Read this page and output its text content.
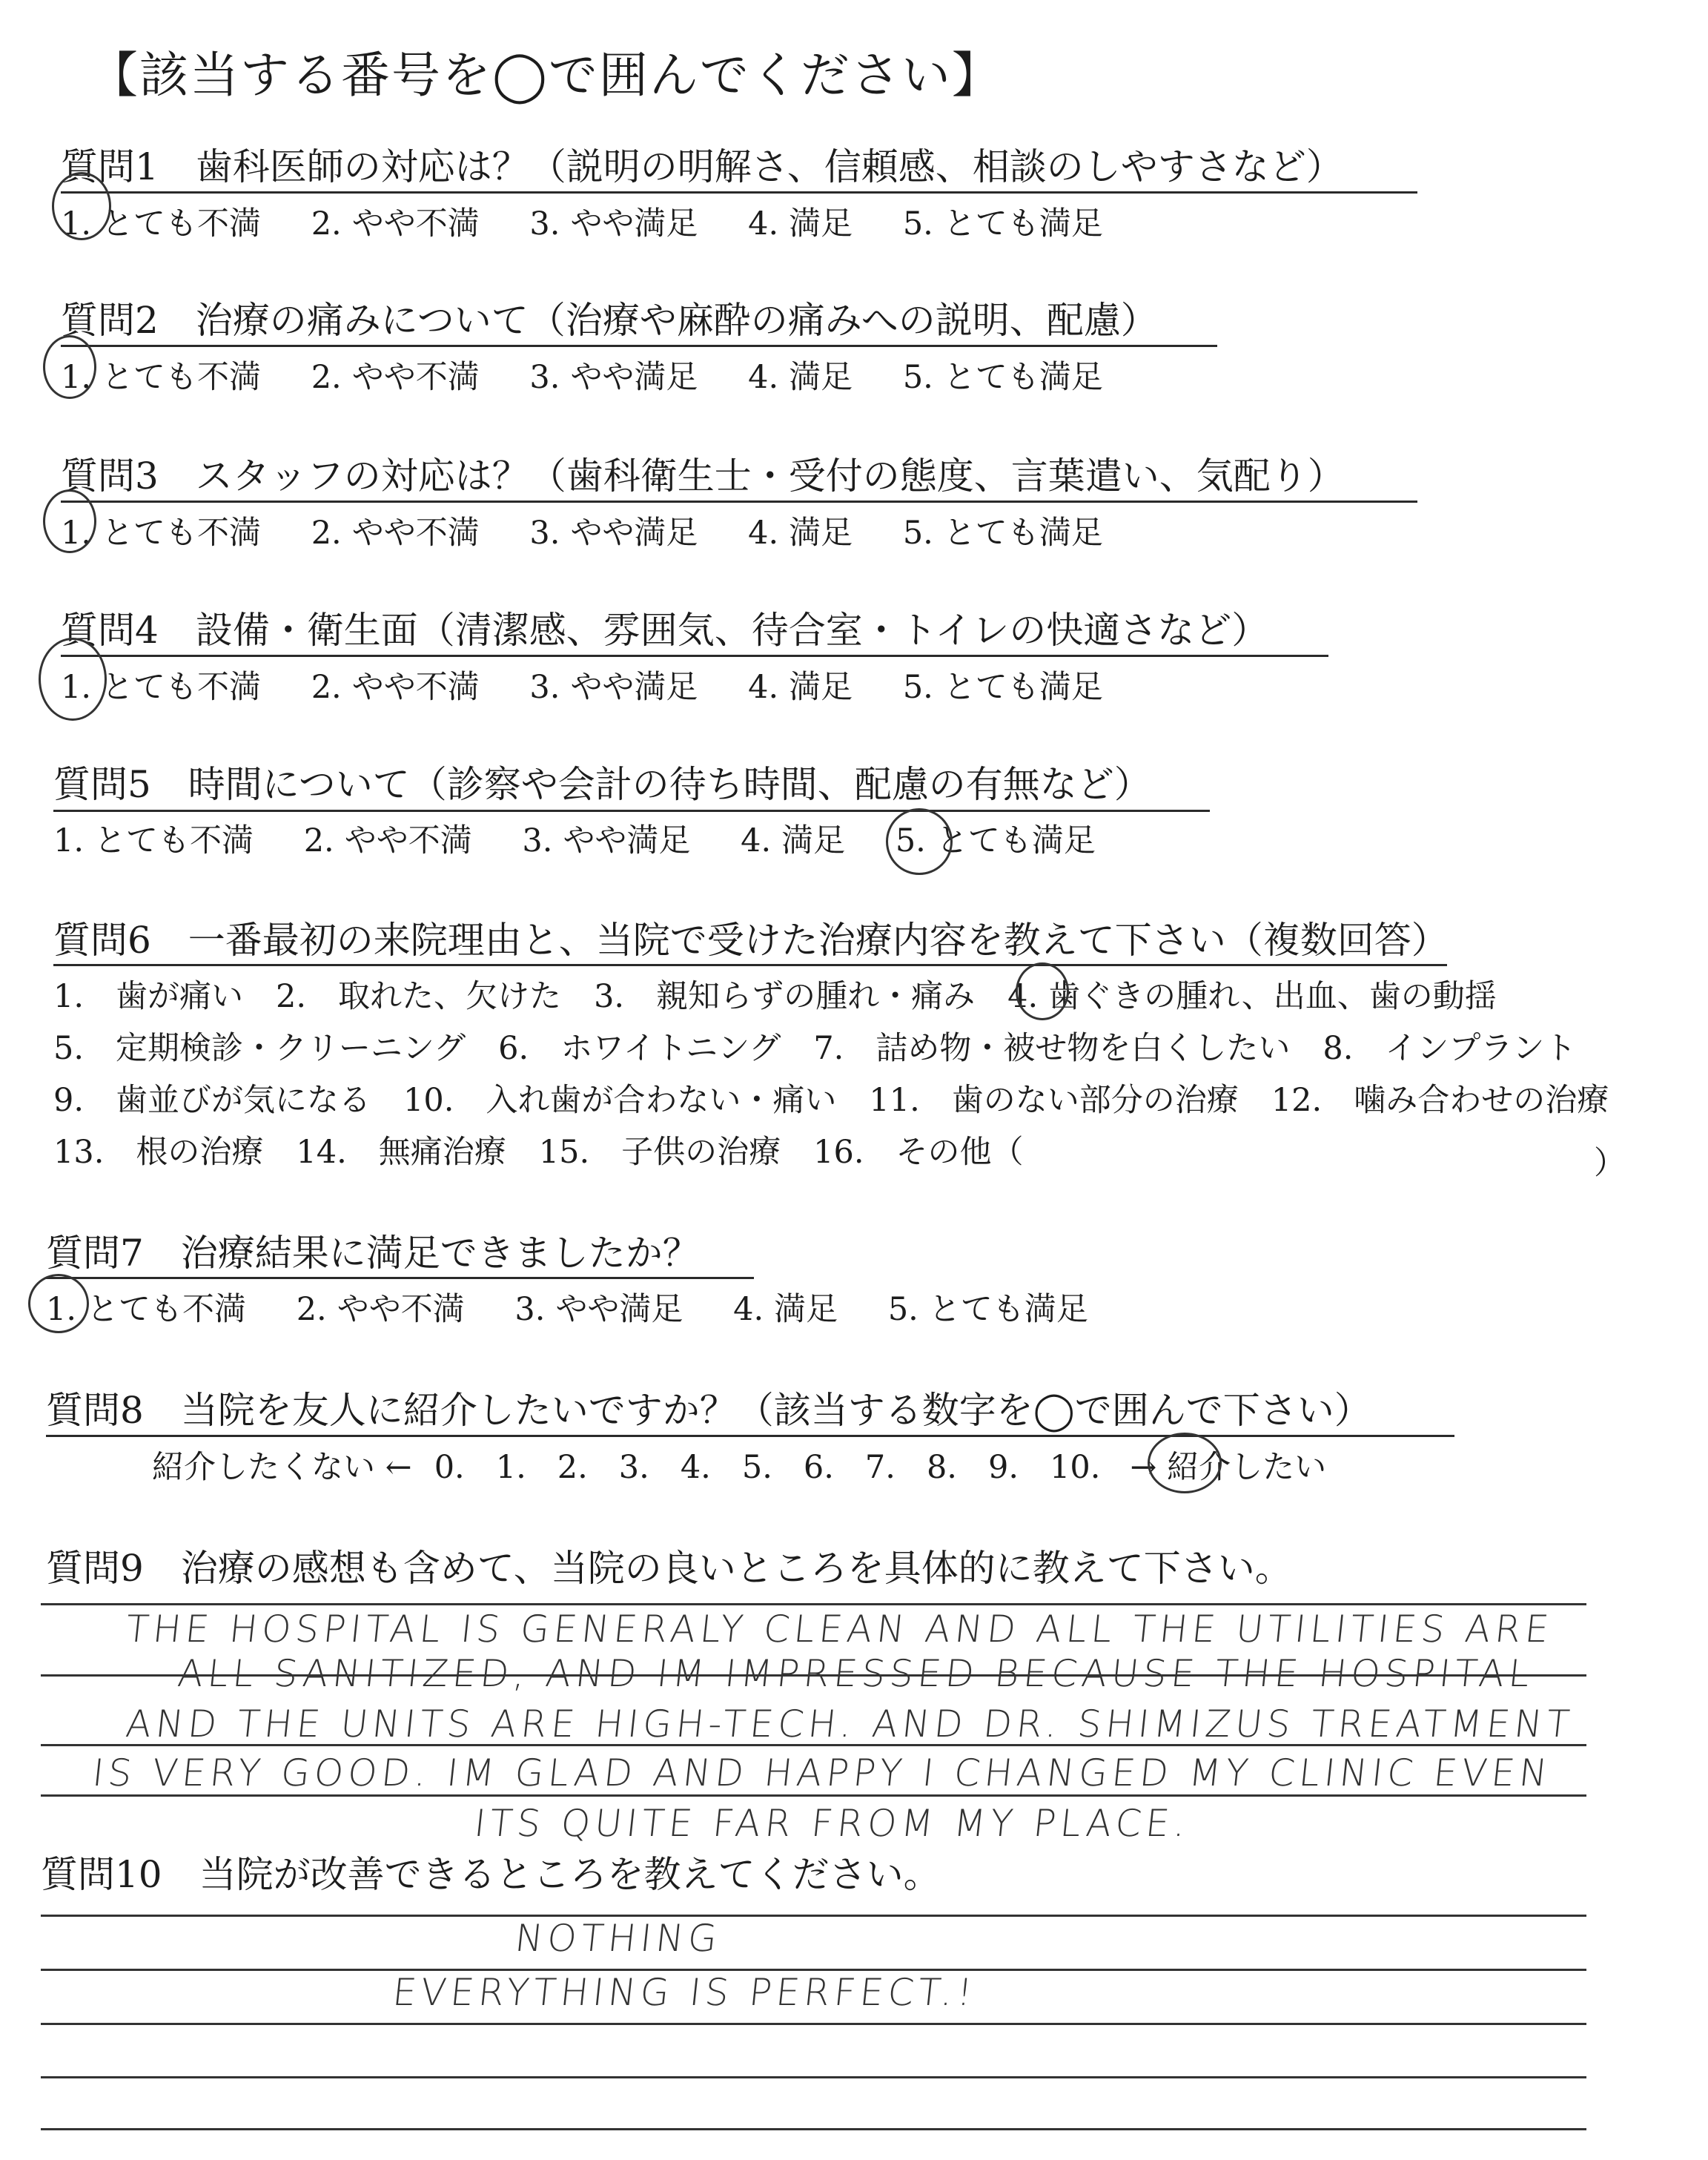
【該当する番号を◯で囲んでください】
質問1　歯科医師の対応は？（説明の明解さ、信頼感、相談のしやすさなど）
1. とても不満 2. やや不満 3. やや満足 4. 満足 5. とても満足
質問2　治療の痛みについて（治療や麻酔の痛みへの説明、配慮）
1. とても不満 2. やや不満 3. やや満足 4. 満足 5. とても満足
質問3　スタッフの対応は？（歯科衛生士・受付の態度、言葉遣い、気配り）
1. とても不満 2. やや不満 3. やや満足 4. 満足 5. とても満足
質問4　設備・衛生面（清潔感、雰囲気、待合室・トイレの快適さなど）
1. とても不満 2. やや不満 3. やや満足 4. 満足 5. とても満足
質問5　時間について（診察や会計の待ち時間、配慮の有無など）
1. とても不満 2. やや不満 3. やや満足 4. 満足 5. とても満足
質問6　一番最初の来院理由と、当院で受けた治療内容を教えて下さい（複数回答）
1.　歯が痛い 2.　取れた、欠けた 3.　親知らずの腫れ・痛み 4. 歯ぐきの腫れ、出血、歯の動揺
5.　定期検診・クリーニング 6.　ホワイトニング 7.　詰め物・被せ物を白くしたい 8.　インプラント
9.　歯並びが気になる 10.　入れ歯が合わない・痛い 11.　歯のない部分の治療 12.　噛み合わせの治療
13.　根の治療 14.　無痛治療 15.　子供の治療 16.　その他（	）
質問7　治療結果に満足できましたか？
1. とても不満 2. やや不満 3. やや満足 4. 満足 5. とても満足
質問8　当院を友人に紹介したいですか？（該当する数字を◯で囲んで下さい）
紹介したくない ← 0. 1. 2. 3. 4. 5. 6. 7. 8. 9. 10. → 紹介したい
質問9　治療の感想も含めて、当院の良いところを具体的に教えて下さい。
THE HOSPITAL IS GENERALY CLEAN AND ALL THE UTILITIES ARE
ALL SANITIZED, AND IM IMPRESSED BECAUSE THE HOSPITAL
AND THE UNITS ARE HIGH-TECH. AND DR. SHIMIZUS TREATMENT
IS VERY GOOD. IM GLAD AND HAPPY I CHANGED MY CLINIC EVEN
ITS QUITE FAR FROM MY PLACE.
質問10　当院が改善できるところを教えてください。
NOTHING
EVERYTHING IS PERFECT.!
